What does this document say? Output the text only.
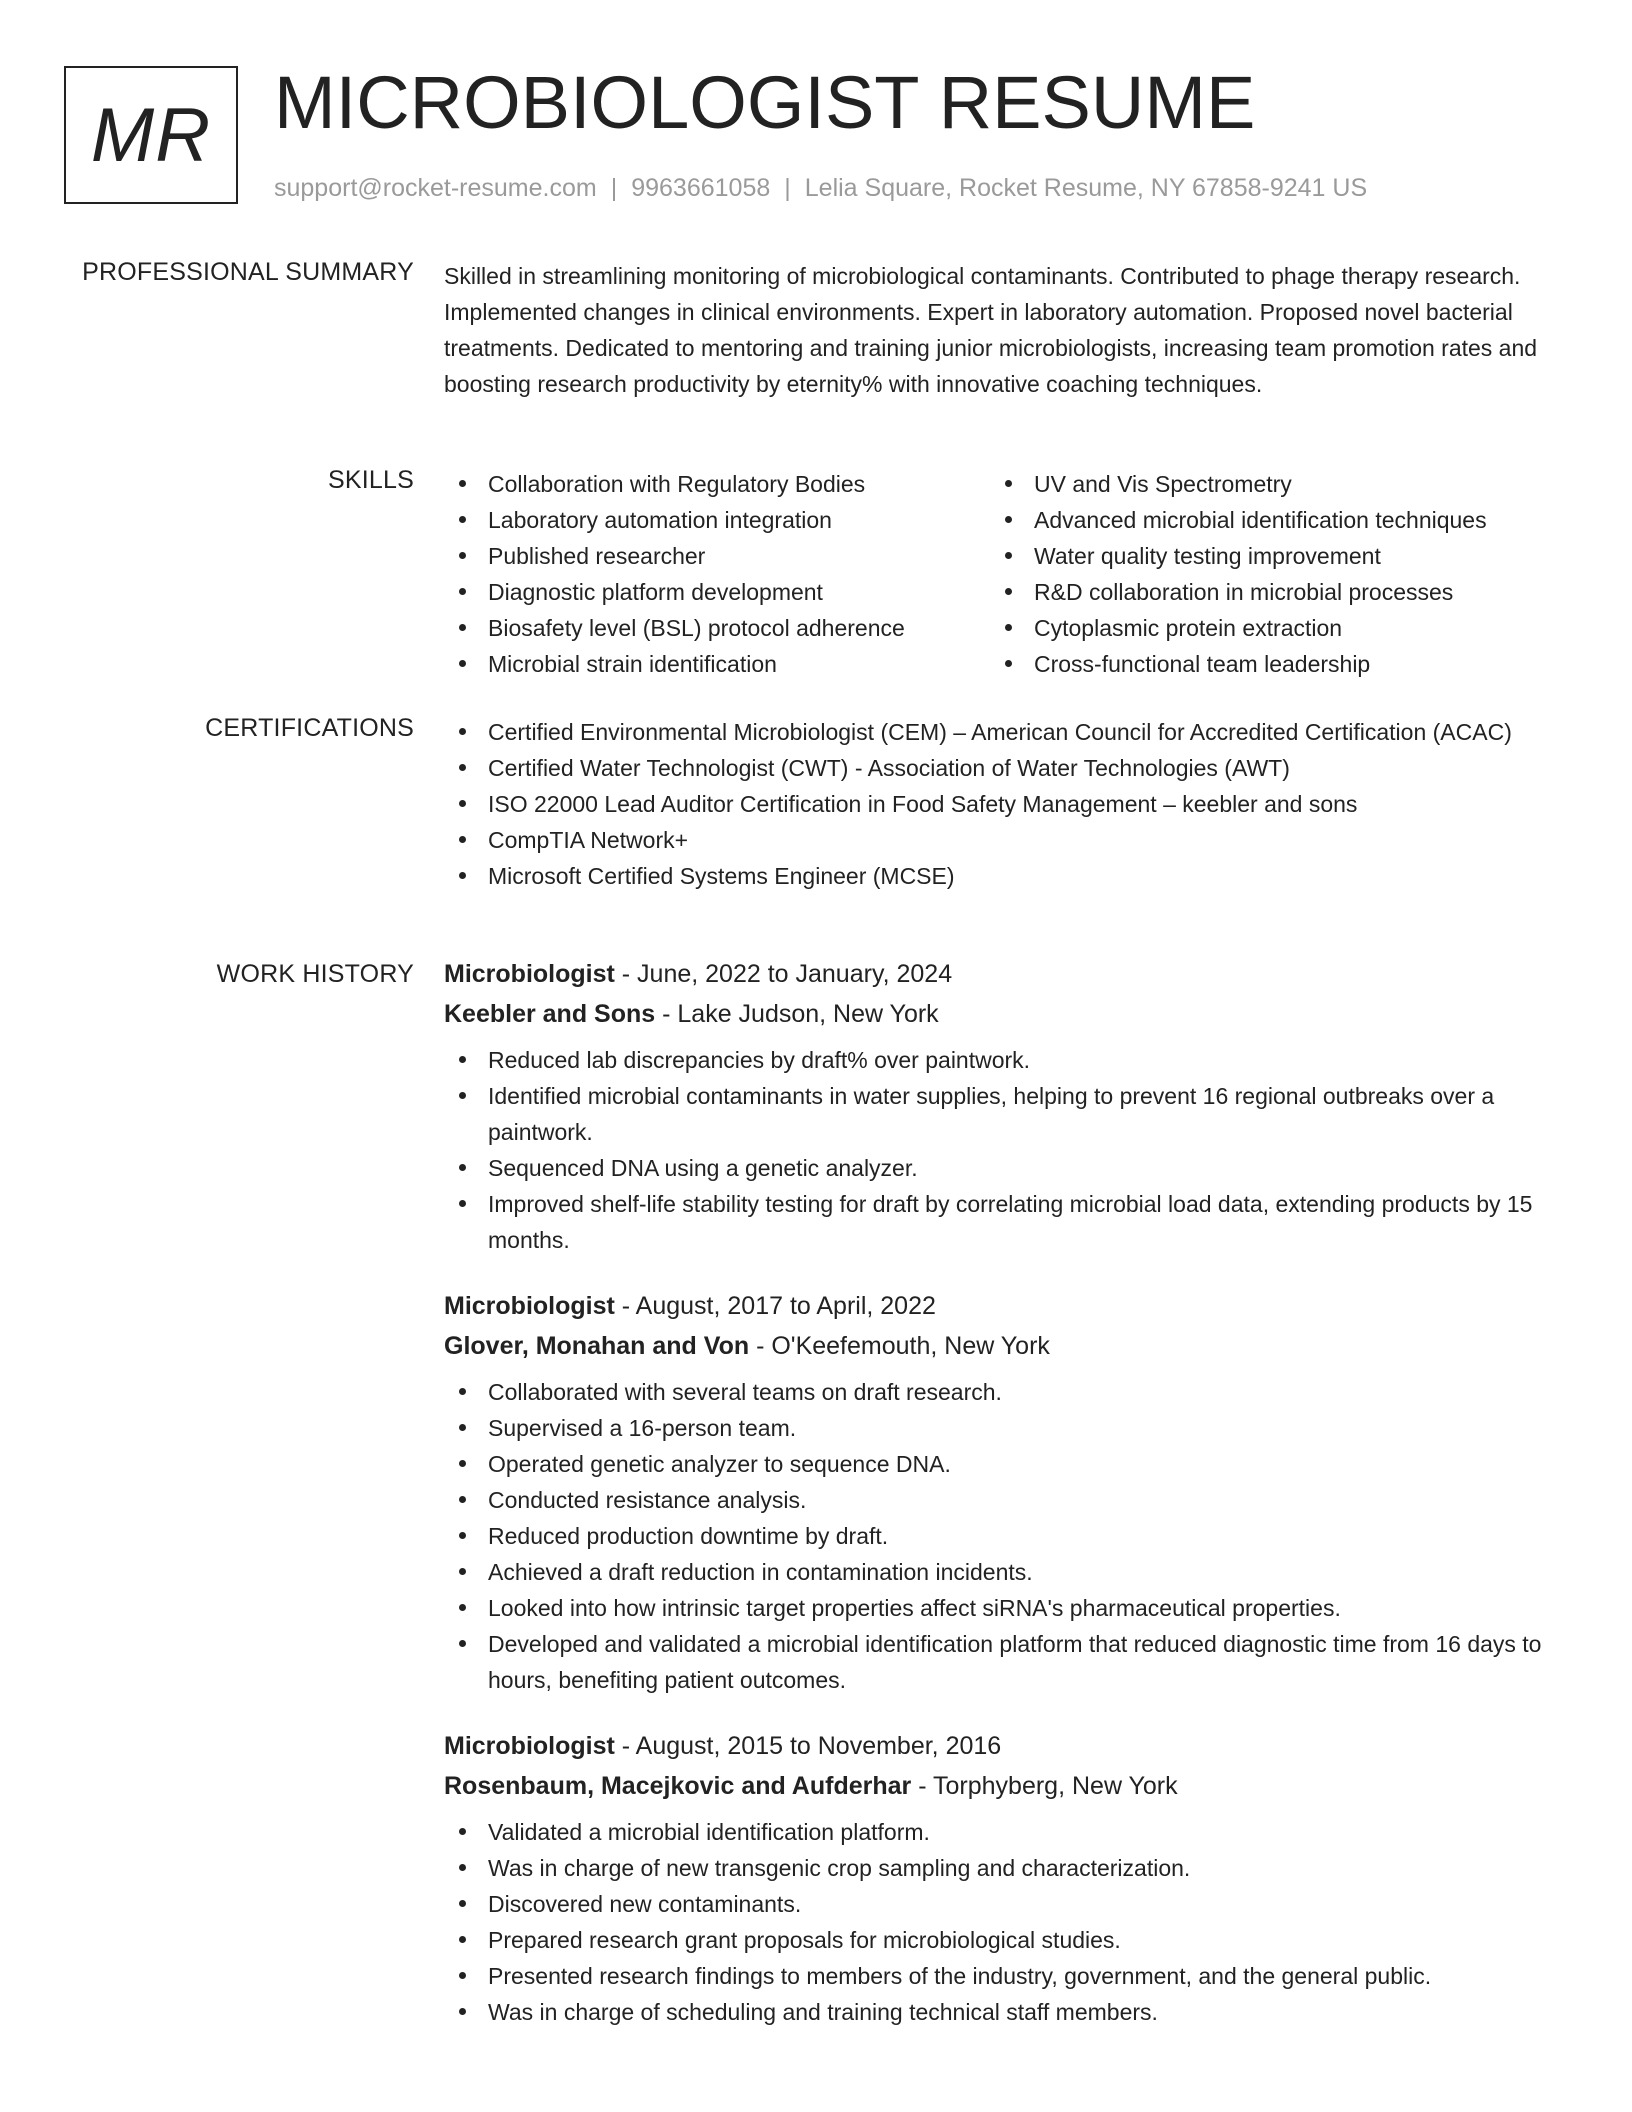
MR MICROBIOLOGIST RESUME
support@rocket-resume.com | 9963661058 | Lelia Square, Rocket Resume, NY 67858-9241 US
PROFESSIONAL SUMMARY Skilled in streamlining monitoring of microbiological contaminants. Contributed to phage therapy research. Implemented changes in clinical environments. Expert in laboratory automation. Proposed novel bacterial treatments. Dedicated to mentoring and training junior microbiologists, increasing team promotion rates and boosting research productivity by eternity% with innovative coaching techniques.

SKILLS	Collaboration with Regulatory Bodies
Laboratory automation integration
Published researcher
Diagnostic platform development
Biosafety level (BSL) protocol adherence
Microbial strain identification
UV and Vis Spectrometry
Advanced microbial identification techniques
Water quality testing improvement
R&D collaboration in microbial processes
Cytoplasmic protein extraction
Cross-functional team leadership
CERTIFICATIONS	Certified Environmental Microbiologist (CEM) – American Council for Accredited Certification (ACAC)
Certified Water Technologist (CWT) - Association of Water Technologies (AWT)
ISO 22000 Lead Auditor Certification in Food Safety Management – keebler and sons
CompTIA Network+
Microsoft Certified Systems Engineer (MCSE)
WORK HISTORY Microbiologist - June, 2022 to January, 2024
Keebler and Sons - Lake Judson, New York
Reduced lab discrepancies by draft% over paintwork.
Identified microbial contaminants in water supplies, helping to prevent 16 regional outbreaks over a paintwork.
Sequenced DNA using a genetic analyzer.
Improved shelf-life stability testing for draft by correlating microbial load data, extending products by 15 months.
Microbiologist - August, 2017 to April, 2022
Glover, Monahan and Von - O'Keefemouth, New York
Collaborated with several teams on draft research.
Supervised a 16-person team.
Operated genetic analyzer to sequence DNA.
Conducted resistance analysis.
Reduced production downtime by draft.
Achieved a draft reduction in contamination incidents.
Looked into how intrinsic target properties affect siRNA's pharmaceutical properties.
Developed and validated a microbial identification platform that reduced diagnostic time from 16 days to hours, benefiting patient outcomes.
Microbiologist - August, 2015 to November, 2016
Rosenbaum, Macejkovic and Aufderhar - Torphyberg, New York
Validated a microbial identification platform.
Was in charge of new transgenic crop sampling and characterization.
Discovered new contaminants.
Prepared research grant proposals for microbiological studies.
Presented research findings to members of the industry, government, and the general public.
Was in charge of scheduling and training technical staff members.
